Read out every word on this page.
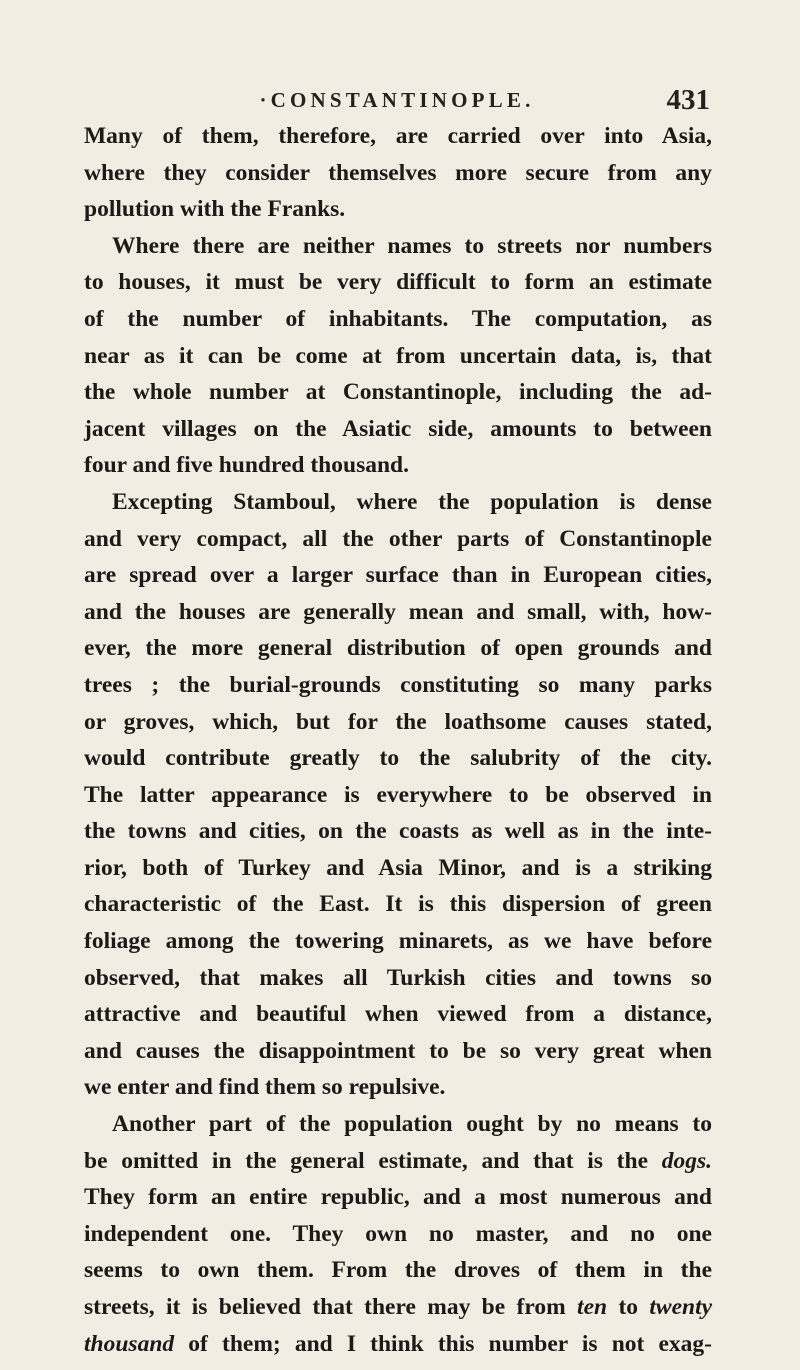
·CONSTANTINOPLE.	431
Many of them, therefore, are carried over into Asia,
where they consider themselves more secure from any
pollution with the Franks.
Where there are neither names to streets nor numbers
to houses, it must be very difficult to form an estimate
of the number of inhabitants. The computation, as
near as it can be come at from uncertain data, is, that
the whole number at Constantinople, including the ad-
jacent villages on the Asiatic side, amounts to between
four and five hundred thousand.
Excepting Stamboul, where the population is dense
and very compact, all the other parts of Constantinople
are spread over a larger surface than in European cities,
and the houses are generally mean and small, with, how-
ever, the more general distribution of open grounds and
trees ; the burial-grounds constituting so many parks
or groves, which, but for the loathsome causes stated,
would contribute greatly to the salubrity of the city.
The latter appearance is everywhere to be observed in
the towns and cities, on the coasts as well as in the inte-
rior, both of Turkey and Asia Minor, and is a striking
characteristic of the East. It is this dispersion of green
foliage among the towering minarets, as we have before
observed, that makes all Turkish cities and towns so
attractive and beautiful when viewed from a distance,
and causes the disappointment to be so very great when
we enter and find them so repulsive.
Another part of the population ought by no means to
be omitted in the general estimate, and that is the dogs.
They form an entire republic, and a most numerous and
independent one. They own no master, and no one
seems to own them. From the droves of them in the
streets, it is believed that there may be from ten to twenty
thousand of them; and I think this number is not exag-
